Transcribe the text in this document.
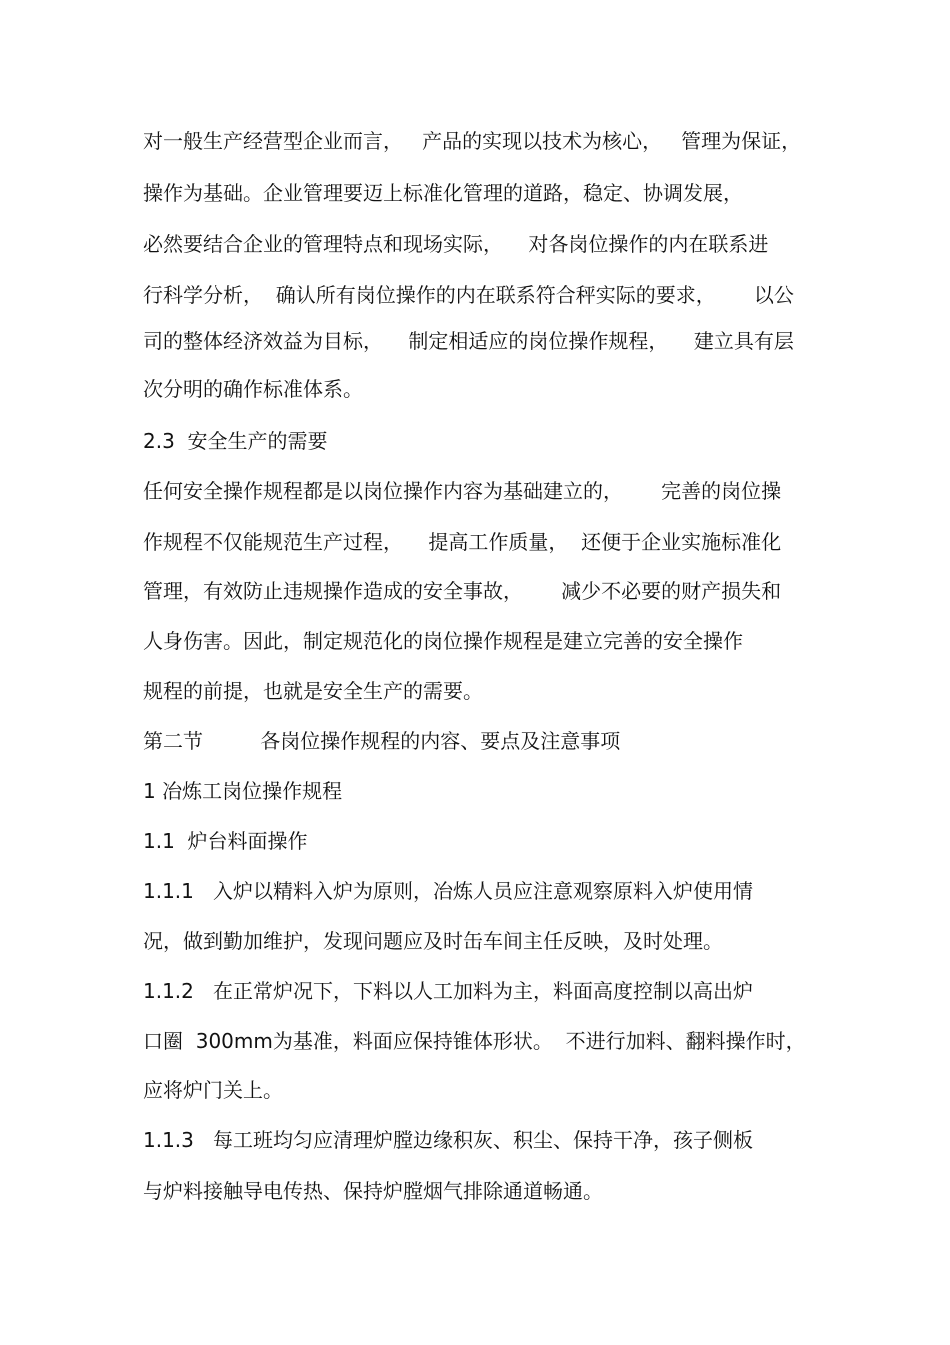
对一般生产经营型企业而言，   产品的实现以技术为核心，   管理为保证，
操作为基础。企业管理要迈上标准化管理的道路，稳定、协调发展，
必然要结合企业的管理特点和现场实际，    对各岗位操作的内在联系进
行科学分析，  确认所有岗位操作的内在联系符合秤实际的要求，      以公
司的整体经济效益为目标，    制定相适应的岗位操作规程，    建立具有层
次分明的确作标准体系。
2.3  安全生产的需要
任何安全操作规程都是以岗位操作内容为基础建立的，      完善的岗位操
作规程不仅能规范生产过程，    提高工作质量，  还便于企业实施标准化
管理，有效防止违规操作造成的安全事故，      减少不必要的财产损失和
人身伤害。因此，制定规范化的岗位操作规程是建立完善的安全操作
规程的前提，也就是安全生产的需要。
第二节         各岗位操作规程的内容、要点及注意事项
1 冶炼工岗位操作规程
1.1  炉台料面操作
1.1.1   入炉以精料入炉为原则，冶炼人员应注意观察原料入炉使用情
况，做到勤加维护，发现问题应及时缶车间主任反映，及时处理。
1.1.2   在正常炉况下，下料以人工加料为主，料面高度控制以高出炉
口圈  300mm为基准，料面应保持锥体形状。  不进行加料、翻料操作时，
应将炉门关上。
1.1.3   每工班均匀应清理炉膛边缘积灰、积尘、保持干净，孩子侧板
与炉料接触导电传热、保持炉膛烟气排除通道畅通。
